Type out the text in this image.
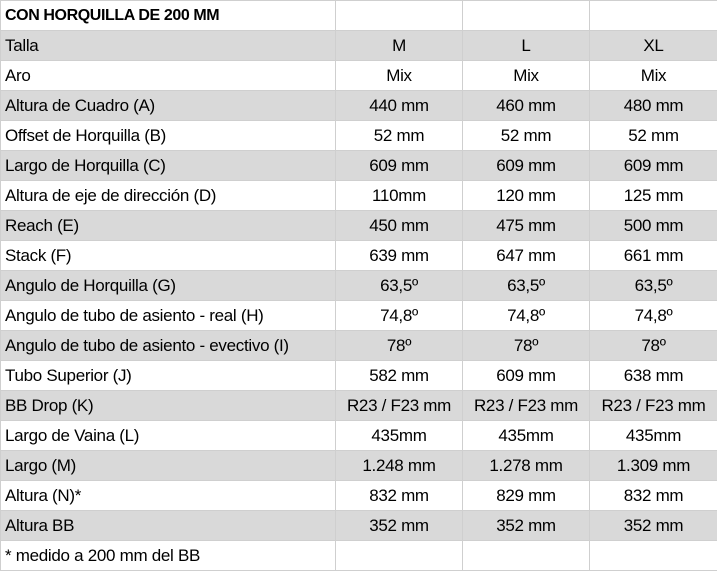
CON HORQUILLA DE 200 MM			
Talla	M	L	XL
Aro	Mix	Mix	Mix
Altura de Cuadro (A)	440 mm	460 mm	480 mm
Offset de Horquilla (B)	52 mm	52 mm	52 mm
Largo de Horquilla (C)	609 mm	609 mm	609 mm
Altura de eje de dirección (D)	110mm	120 mm	125 mm
Reach (E)	450 mm	475 mm	500 mm
Stack (F)	639 mm	647 mm	661 mm
Angulo de Horquilla (G)	63,5º	63,5º	63,5º
Angulo de tubo de asiento - real (H)	74,8º	74,8º	74,8º
Angulo de tubo de asiento - evectivo (I)	78º	78º	78º
Tubo Superior (J)	582 mm	609 mm	638 mm
BB Drop (K)	R23 / F23 mm	R23 / F23 mm	R23 / F23 mm
Largo de Vaina (L)	435mm	435mm	435mm
Largo (M)	1.248 mm	1.278 mm	1.309 mm
Altura (N)*	832 mm	829 mm	832 mm
Altura BB	352 mm	352 mm	352 mm
* medido a 200 mm del BB			
